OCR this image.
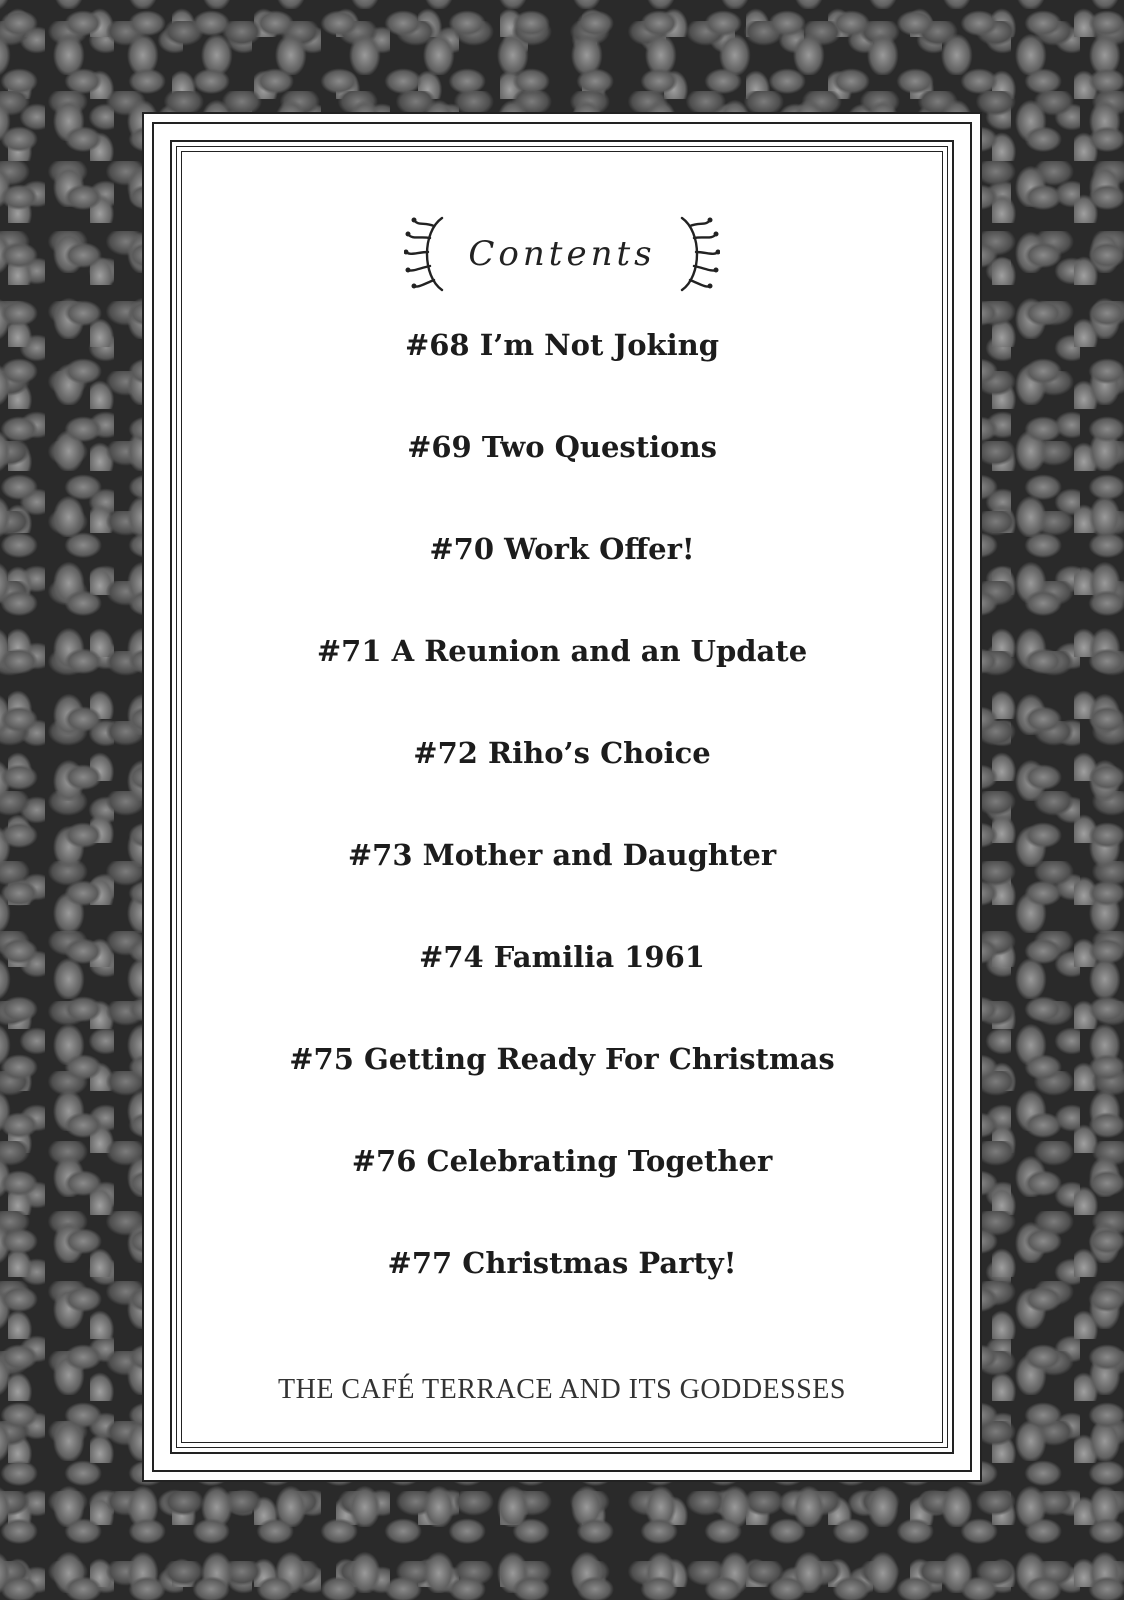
Contents
#68 I’m Not Joking
#69 Two Questions
#70 Work Offer!
#71 A Reunion and an Update
#72 Riho’s Choice
#73 Mother and Daughter
#74 Familia 1961
#75 Getting Ready For Christmas
#76 Celebrating Together
#77 Christmas Party!
THE CAFÉ TERRACE AND ITS GODDESSES
